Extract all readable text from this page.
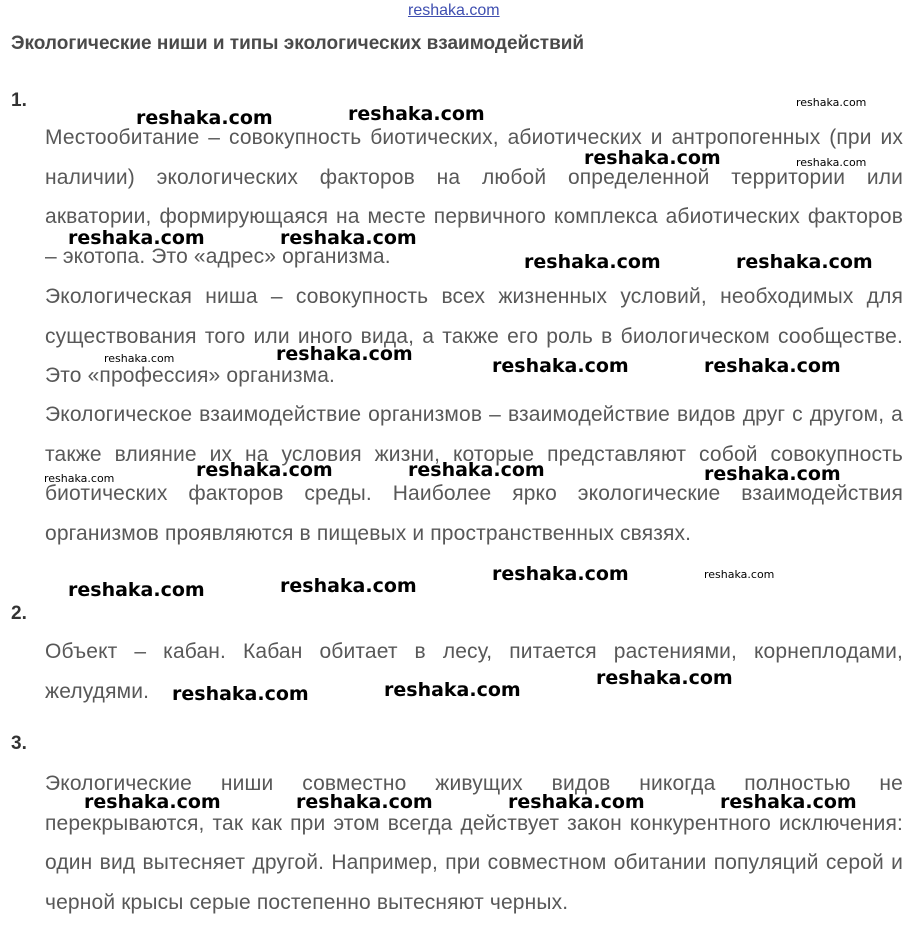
reshaka.com
Экологические ниши и типы экологических взаимодействий
1.

Местообитание – совокупность биотических, абиотических и антропогенных (при их наличии) экологических факторов на любой определенной территории или акватории, формирующаяся на месте первичного комплекса абиотических факторов – экотопа. Это «адрес» организма.

Экологическая ниша – совокупность всех жизненных условий, необходимых для существования того или иного вида, а также его роль в биологическом сообществе. Это «профессия» организма.

Экологическое взаимодействие организмов – взаимодействие видов друг с другом, а также влияние их на условия жизни, которые представляют собой совокупность биотических факторов среды. Наиболее ярко экологические взаимодействия организмов проявляются в пищевых и пространственных связях.

2.

Объект – кабан. Кабан обитает в лесу, питается растениями, корнеплодами, желудями.

3.

Экологические ниши совместно живущих видов никогда полностью не перекрываются, так как при этом всегда действует закон конкурентного исключения: один вид вытесняет другой. Например, при совместном обитании популяций серой и черной крысы серые постепенно вытесняют черных.

reshaka.com	reshaka.com
reshaka.com
reshaka.com	reshaka.com
reshaka.com	reshaka.com
reshaka.com	reshaka.com
reshaka.com	reshaka.com
reshaka.com	reshaka.com
reshaka.com	reshaka.com	reshaka.com	reshaka.com
reshaka.com	reshaka.com
reshaka.com	reshaka.com
reshaka.com	reshaka.com
reshaka.com
reshaka.com	reshaka.com	reshaka.com	reshaka.com
